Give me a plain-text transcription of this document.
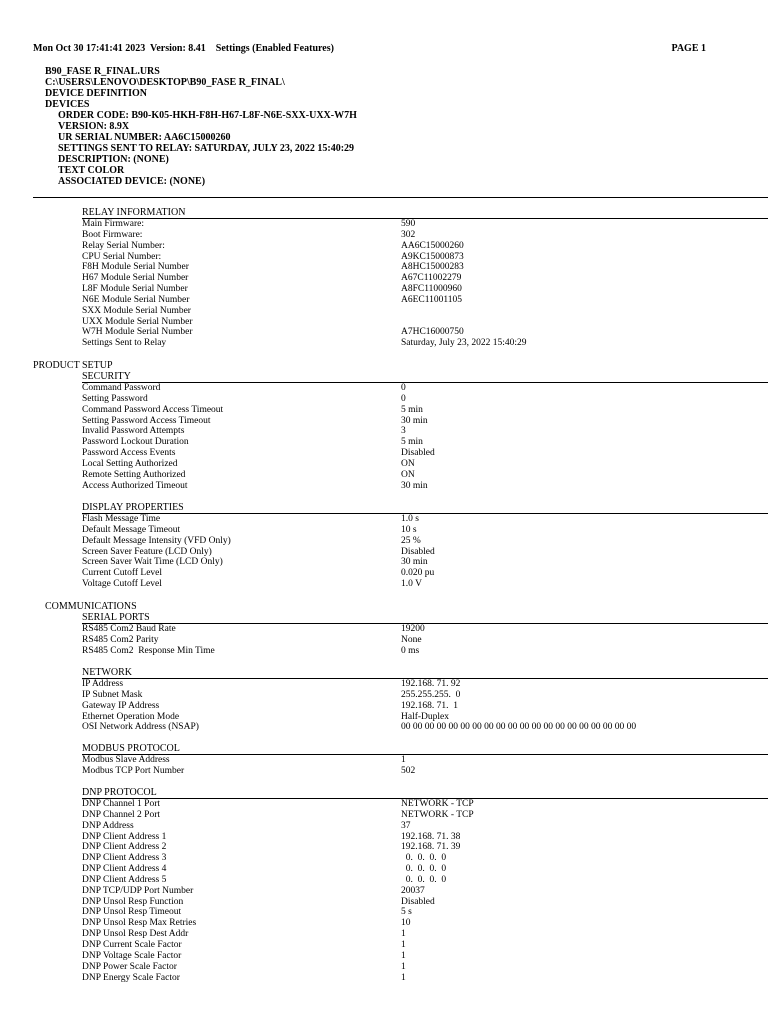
Mon Oct 30 17:41:41 2023  Version: 8.41    Settings (Enabled Features)	PAGE 1
B90_FASE R_FINAL.URS
C:\USERS\LENOVO\DESKTOP\B90_FASE R_FINAL\
DEVICE DEFINITION
DEVICES
ORDER CODE: B90-K05-HKH-F8H-H67-L8F-N6E-SXX-UXX-W7H
VERSION: 8.9X
UR SERIAL NUMBER: AA6C15000260
SETTINGS SENT TO RELAY: SATURDAY, JULY 23, 2022 15:40:29
DESCRIPTION: (NONE)
TEXT COLOR
ASSOCIATED DEVICE: (NONE)
RELAY INFORMATION
Main Firmware:	590
Boot Firmware:	302
Relay Serial Number:	AA6C15000260
CPU Serial Number:	A9KC15000873
F8H Module Serial Number	A8HC15000283
H67 Module Serial Number	A67C11002279
L8F Module Serial Number	A8FC11000960
N6E Module Serial Number	A6EC11001105
SXX Module Serial Number
UXX Module Serial Number
W7H Module Serial Number	A7HC16000750
Settings Sent to Relay	Saturday, July 23, 2022 15:40:29
PRODUCT SETUP
SECURITY
Command Password	0
Setting Password	0
Command Password Access Timeout	5 min
Setting Password Access Timeout	30 min
Invalid Password Attempts	3
Password Lockout Duration	5 min
Password Access Events	Disabled
Local Setting Authorized	ON
Remote Setting Authorized	ON
Access Authorized Timeout	30 min
DISPLAY PROPERTIES
Flash Message Time	1.0 s
Default Message Timeout	10 s
Default Message Intensity (VFD Only)	25 %
Screen Saver Feature (LCD Only)	Disabled
Screen Saver Wait Time (LCD Only)	30 min
Current Cutoff Level	0.020 pu
Voltage Cutoff Level	1.0 V
COMMUNICATIONS
SERIAL PORTS
RS485 Com2 Baud Rate	19200
RS485 Com2 Parity	None
RS485 Com2  Response Min Time	0 ms
NETWORK
IP Address	192.168. 71. 92
IP Subnet Mask	255.255.255.  0
Gateway IP Address	192.168. 71.  1
Ethernet Operation Mode	Half-Duplex
OSI Network Address (NSAP)	00 00 00 00 00 00 00 00 00 00 00 00 00 00 00 00 00 00 00 00
MODBUS PROTOCOL
Modbus Slave Address	1
Modbus TCP Port Number	502
DNP PROTOCOL
DNP Channel 1 Port	NETWORK - TCP
DNP Channel 2 Port	NETWORK - TCP
DNP Address	37
DNP Client Address 1	192.168. 71. 38
DNP Client Address 2	192.168. 71. 39
DNP Client Address 3	0.  0.  0.  0
DNP Client Address 4	0.  0.  0.  0
DNP Client Address 5	0.  0.  0.  0
DNP TCP/UDP Port Number	20037
DNP Unsol Resp Function	Disabled
DNP Unsol Resp Timeout	5 s
DNP Unsol Resp Max Retries	10
DNP Unsol Resp Dest Addr	1
DNP Current Scale Factor	1
DNP Voltage Scale Factor	1
DNP Power Scale Factor	1
DNP Energy Scale Factor	1
